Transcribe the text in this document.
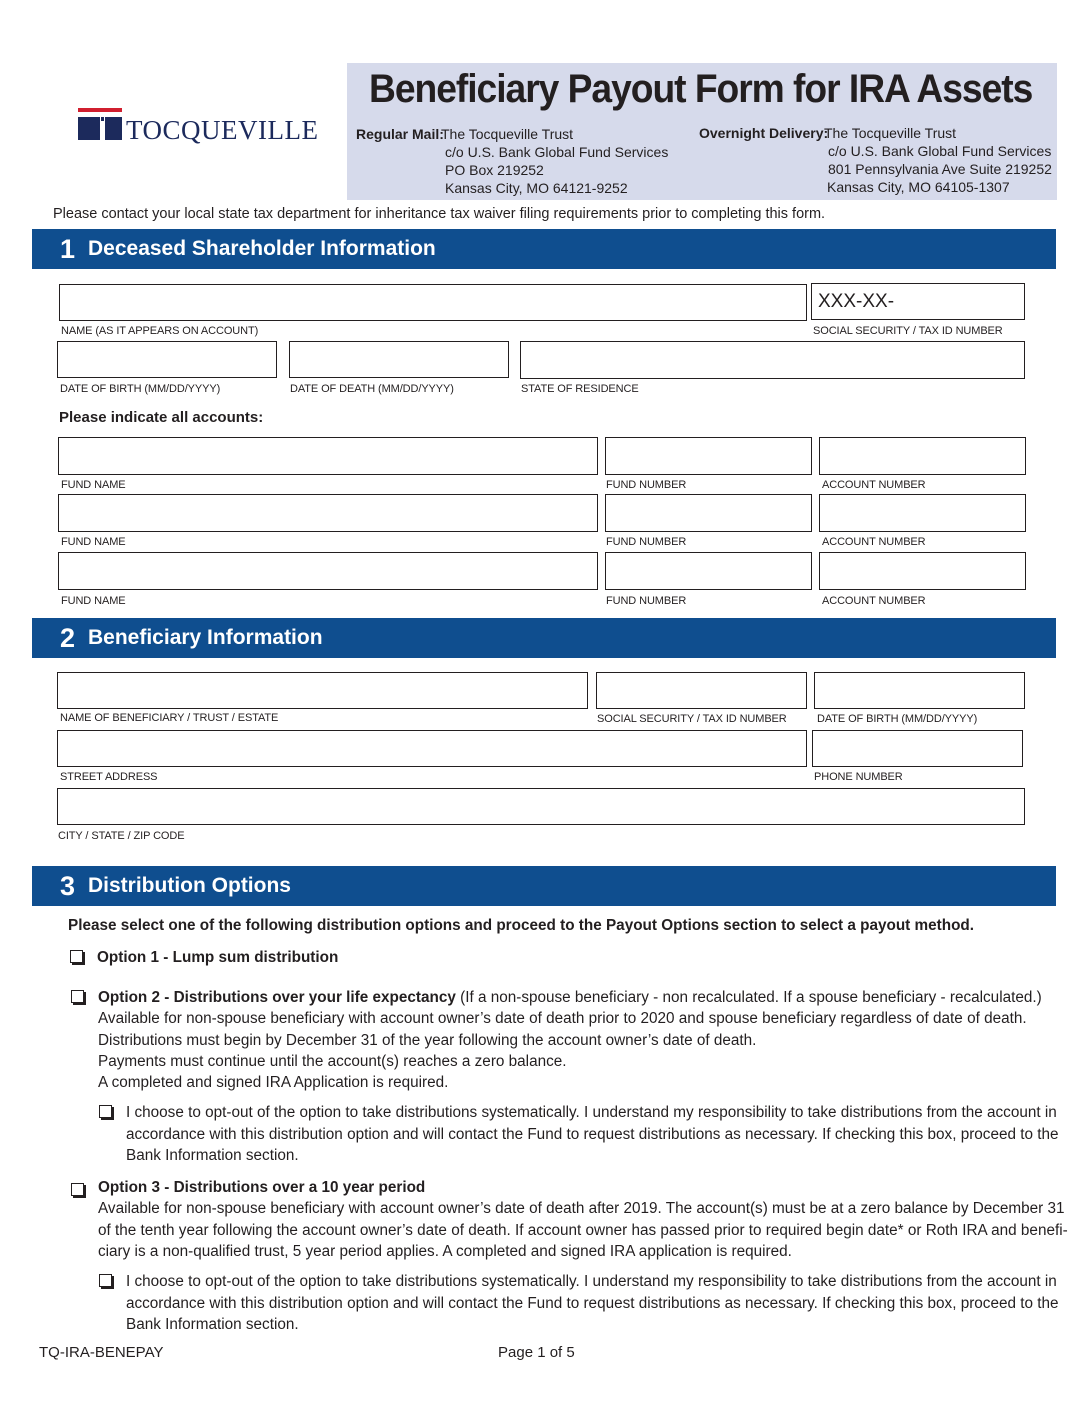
TOCQUEVILLE
Beneficiary Payout Form for IRA Assets
Regular Mail:
The Tocqueville Trust
c/o U.S. Bank Global Fund Services
PO Box 219252
Kansas City, MO 64121-9252
Overnight Delivery:
The Tocqueville Trust
c/o U.S. Bank Global Fund Services
801 Pennsylvania Ave Suite 219252
Kansas City, MO 64105-1307
Please contact your local state tax department for inheritance tax waiver filing requirements prior to completing this form.
1 Deceased Shareholder Information
XXX-XX-
NAME (AS IT APPEARS ON ACCOUNT)	SOCIAL SECURITY / TAX ID NUMBER
DATE OF BIRTH (MM/DD/YYYY)	DATE OF DEATH (MM/DD/YYYY)	STATE OF RESIDENCE
Please indicate all accounts:
FUND NAME	FUND NUMBER	ACCOUNT NUMBER
FUND NAME	FUND NUMBER	ACCOUNT NUMBER
FUND NAME	FUND NUMBER	ACCOUNT NUMBER
2 Beneficiary Information
NAME OF BENEFICIARY / TRUST / ESTATE	SOCIAL SECURITY / TAX ID NUMBER	DATE OF BIRTH (MM/DD/YYYY)
STREET ADDRESS	PHONE NUMBER
CITY / STATE / ZIP CODE
3 Distribution Options
Please select one of the following distribution options and proceed to the Payout Options section to select a payout method.
Option 1 - Lump sum distribution
Option 2 - Distributions over your life expectancy (If a non-spouse beneficiary - non recalculated. If a spouse beneficiary - recalculated.)
Available for non-spouse beneficiary with account owner’s date of death prior to 2020 and spouse beneficiary regardless of date of death.
Distributions must begin by December 31 of the year following the account owner’s date of death.
Payments must continue until the account(s) reaches a zero balance.
A completed and signed IRA Application is required.
I choose to opt-out of the option to take distributions systematically. I understand my responsibility to take distributions from the account in
accordance with this distribution option and will contact the Fund to request distributions as necessary. If checking this box, proceed to the
Bank Information section.
Option 3 - Distributions over a 10 year period
Available for non-spouse beneficiary with account owner’s date of death after 2019. The account(s) must be at a zero balance by December 31
of the tenth year following the account owner’s date of death. If account owner has passed prior to required begin date* or Roth IRA and benefi-
ciary is a non-qualified trust, 5 year period applies. A completed and signed IRA application is required.
I choose to opt-out of the option to take distributions systematically. I understand my responsibility to take distributions from the account in
accordance with this distribution option and will contact the Fund to request distributions as necessary. If checking this box, proceed to the
Bank Information section.
TQ-IRA-BENEPAY	Page 1 of 5
